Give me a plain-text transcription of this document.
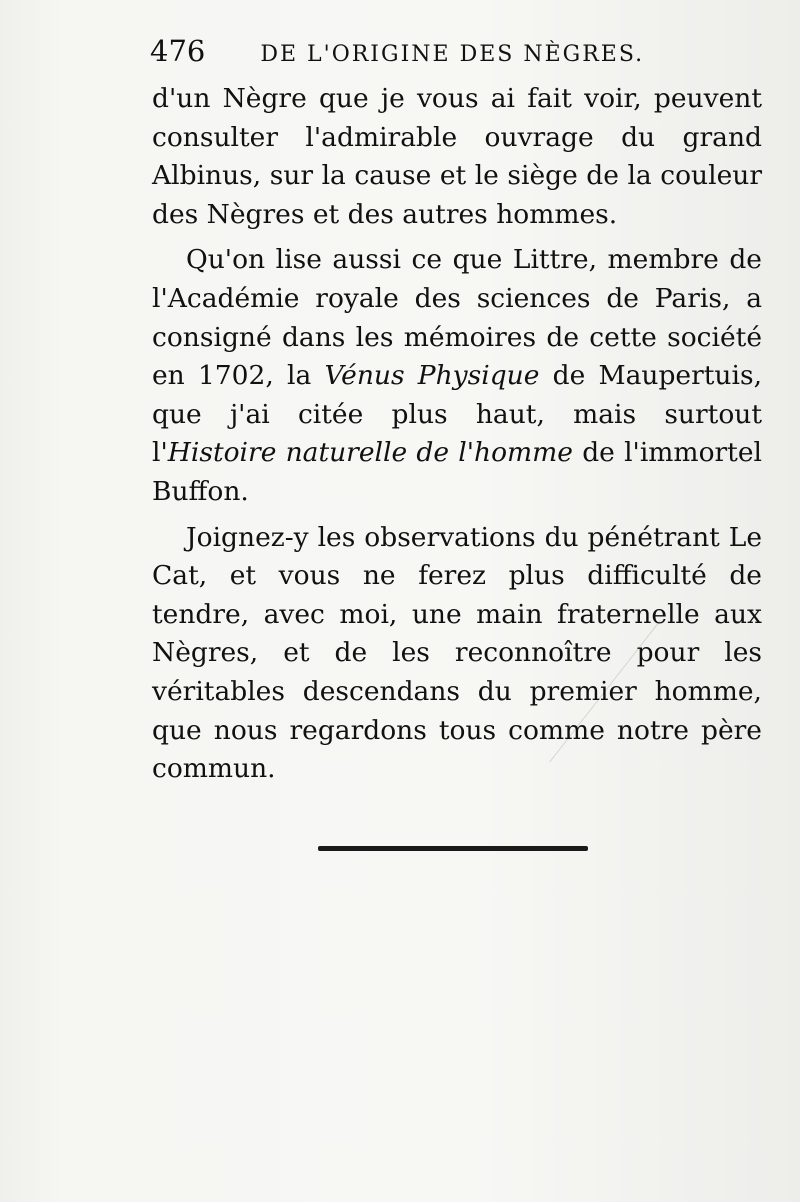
476	DE L'ORIGINE DES NÈGRES.

d'un Nègre que je vous ai fait voir, peuvent consulter l'admirable ouvrage du grand Albinus, sur la cause et le siège de la couleur des Nègres et des autres hommes.

Qu'on lise aussi ce que Littre, membre de l'Académie royale des sciences de Paris, a consigné dans les mémoires de cette société en 1702, la Vénus Physique de Maupertuis, que j'ai citée plus haut, mais surtout l'Histoire naturelle de l'homme de l'immortel Buffon.

Joignez-y les observations du pénétrant Le Cat, et vous ne ferez plus difficulté de tendre, avec moi, une main fraternelle aux Nègres, et de les reconnoître pour les véritables descendans du premier homme, que nous regardons tous comme notre père commun.
